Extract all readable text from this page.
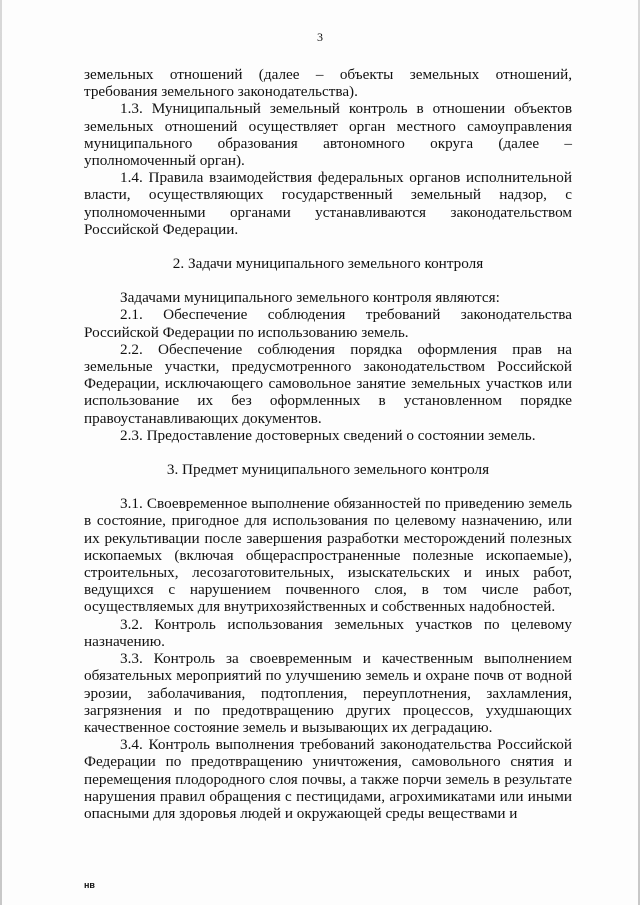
3

земельных отношений (далее – объекты земельных отношений, требования земельного законодательства).

1.3. Муниципальный земельный контроль в отношении объектов земельных отношений осуществляет орган местного самоуправления муниципального образования автономного округа (далее – уполномоченный орган).

1.4. Правила взаимодействия федеральных органов исполнительной власти, осуществляющих государственный земельный надзор, с уполномоченными органами устанавливаются законодательством Российской Федерации.

2. Задачи муниципального земельного контроля

Задачами муниципального земельного контроля являются:

2.1. Обеспечение соблюдения требований законодательства Российской Федерации по использованию земель.

2.2. Обеспечение соблюдения порядка оформления прав на земельные участки, предусмотренного законодательством Российской Федерации, исключающего самовольное занятие земельных участков или использование их без оформленных в установленном порядке правоустанавливающих документов.

2.3. Предоставление достоверных сведений о состоянии земель.

3. Предмет муниципального земельного контроля

3.1. Своевременное выполнение обязанностей по приведению земель в состояние, пригодное для использования по целевому назначению, или их рекультивации после завершения разработки месторождений полезных ископаемых (включая общераспространенные полезные ископаемые), строительных, лесозаготовительных, изыскательских и иных работ, ведущихся с нарушением почвенного слоя, в том числе работ, осуществляемых для внутрихозяйственных и собственных надобностей.

3.2. Контроль использования земельных участков по целевому назначению.

3.3. Контроль за своевременным и качественным выполнением обязательных мероприятий по улучшению земель и охране почв от водной эрозии, заболачивания, подтопления, переуплотнения, захламления, загрязнения и по предотвращению других процессов, ухудшающих качественное состояние земель и вызывающих их деградацию.

3.4. Контроль выполнения требований законодательства Российской Федерации по предотвращению уничтожения, самовольного снятия и перемещения плодородного слоя почвы, а также порчи земель в результате нарушения правил обращения с пестицидами, агрохимикатами или иными опасными для здоровья людей и окружающей среды веществами и

нв
